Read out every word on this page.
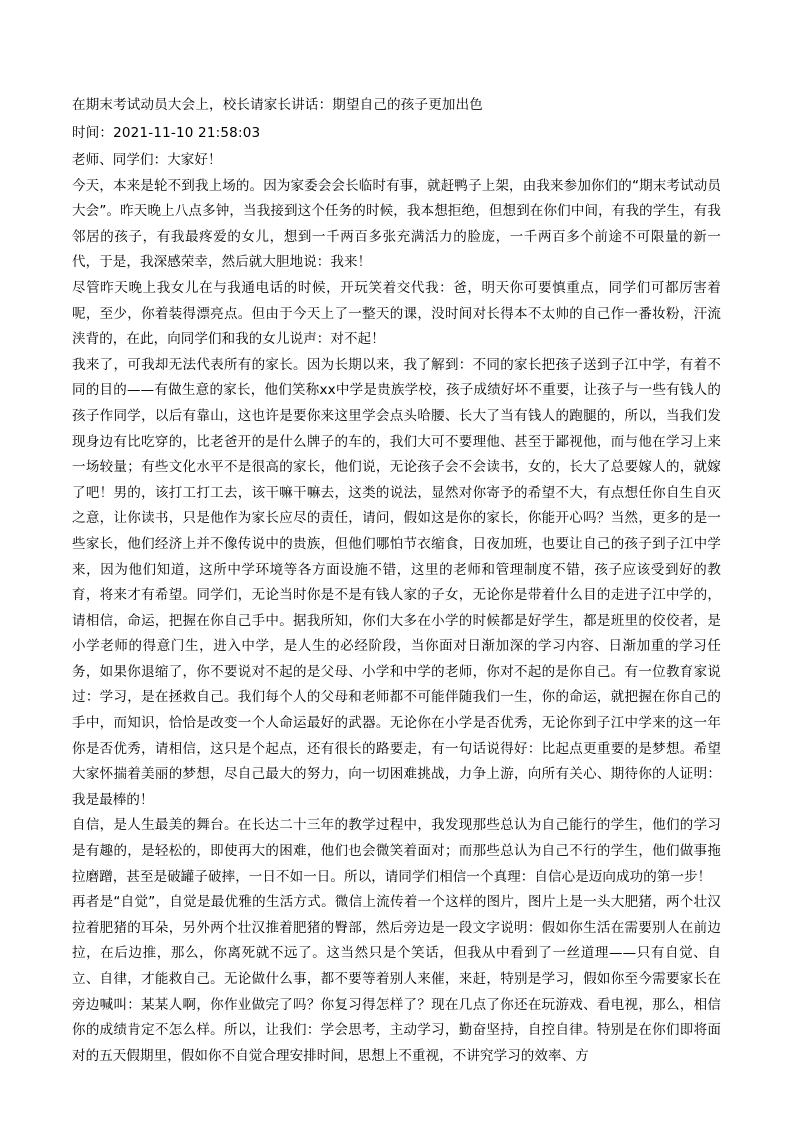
在期末考试动员大会上，校长请家长讲话：期望自己的孩子更加出色

时间：2021-11-10 21:58:03

老师、同学们：大家好！

今天，本来是轮不到我上场的。因为家委会会长临时有事，就赶鸭子上架，由我来参加你们的“期末考试动员大会”。昨天晚上八点多钟，当我接到这个任务的时候，我本想拒绝，但想到在你们中间，有我的学生，有我邻居的孩子，有我最疼爱的女儿，想到一千两百多张充满活力的脸庞，一千两百多个前途不可限量的新一代，于是，我深感荣幸，然后就大胆地说：我来！

尽管昨天晚上我女儿在与我通电话的时候，开玩笑着交代我：爸，明天你可要慎重点，同学们可都厉害着呢，至少，你着装得漂亮点。但由于今天上了一整天的课，没时间对长得本不太帅的自己作一番妆粉，汗流浃背的，在此，向同学们和我的女儿说声：对不起！

我来了，可我却无法代表所有的家长。因为长期以来，我了解到：不同的家长把孩子送到子江中学，有着不同的目的——有做生意的家长，他们笑称xx中学是贵族学校，孩子成绩好坏不重要，让孩子与一些有钱人的孩子作同学，以后有靠山，这也许是要你来这里学会点头哈腰、长大了当有钱人的跑腿的，所以，当我们发现身边有比吃穿的，比老爸开的是什么牌子的车的，我们大可不要理他、甚至于鄙视他，而与他在学习上来一场较量；有些文化水平不是很高的家长，他们说，无论孩子会不会读书，女的，长大了总要嫁人的，就嫁了吧！男的，该打工打工去，该干嘛干嘛去，这类的说法，显然对你寄予的希望不大，有点想任你自生自灭之意，让你读书，只是他作为家长应尽的责任，请问，假如这是你的家长，你能开心吗？当然，更多的是一些家长，他们经济上并不像传说中的贵族，但他们哪怕节衣缩食，日夜加班，也要让自己的孩子到子江中学来，因为他们知道，这所中学环境等各方面设施不错，这里的老师和管理制度不错，孩子应该受到好的教育，将来才有希望。同学们，无论当时你是不是有钱人家的子女，无论你是带着什么目的走进子江中学的，请相信，命运，把握在你自己手中。据我所知，你们大多在小学的时候都是好学生，都是班里的佼佼者，是小学老师的得意门生，进入中学，是人生的必经阶段，当你面对日渐加深的学习内容、日渐加重的学习任务，如果你退缩了，你不要说对不起的是父母、小学和中学的老师，你对不起的是你自己。有一位教育家说过：学习，是在拯救自己。我们每个人的父母和老师都不可能伴随我们一生，你的命运，就把握在你自己的手中，而知识，恰恰是改变一个人命运最好的武器。无论你在小学是否优秀，无论你到子江中学来的这一年你是否优秀，请相信，这只是个起点，还有很长的路要走，有一句话说得好：比起点更重要的是梦想。希望大家怀揣着美丽的梦想，尽自己最大的努力，向一切困难挑战，力争上游，向所有关心、期待你的人证明：我是最棒的！

自信，是人生最美的舞台。在长达二十三年的教学过程中，我发现那些总认为自己能行的学生，他们的学习是有趣的，是轻松的，即使再大的困难，他们也会微笑着面对；而那些总认为自己不行的学生，他们做事拖拉磨蹭，甚至是破罐子破摔，一日不如一日。所以，请同学们相信一个真理：自信心是迈向成功的第一步！

再者是“自觉”，自觉是最优雅的生活方式。微信上流传着一个这样的图片，图片上是一头大肥猪，两个壮汉拉着肥猪的耳朵，另外两个壮汉推着肥猪的臀部，然后旁边是一段文字说明：假如你生活在需要别人在前边拉，在后边推，那么，你离死就不远了。这当然只是个笑话，但我从中看到了一丝道理——只有自觉、自立、自律，才能救自己。无论做什么事，都不要等着别人来催，来赶，特别是学习，假如你至今需要家长在旁边喊叫：某某人啊，你作业做完了吗？你复习得怎样了？现在几点了你还在玩游戏、看电视，那么，相信你的成绩肯定不怎么样。所以，让我们：学会思考，主动学习，勤奋坚持，自控自律。特别是在你们即将面对的五天假期里，假如你不自觉合理安排时间，思想上不重视，不讲究学习的效率、方
